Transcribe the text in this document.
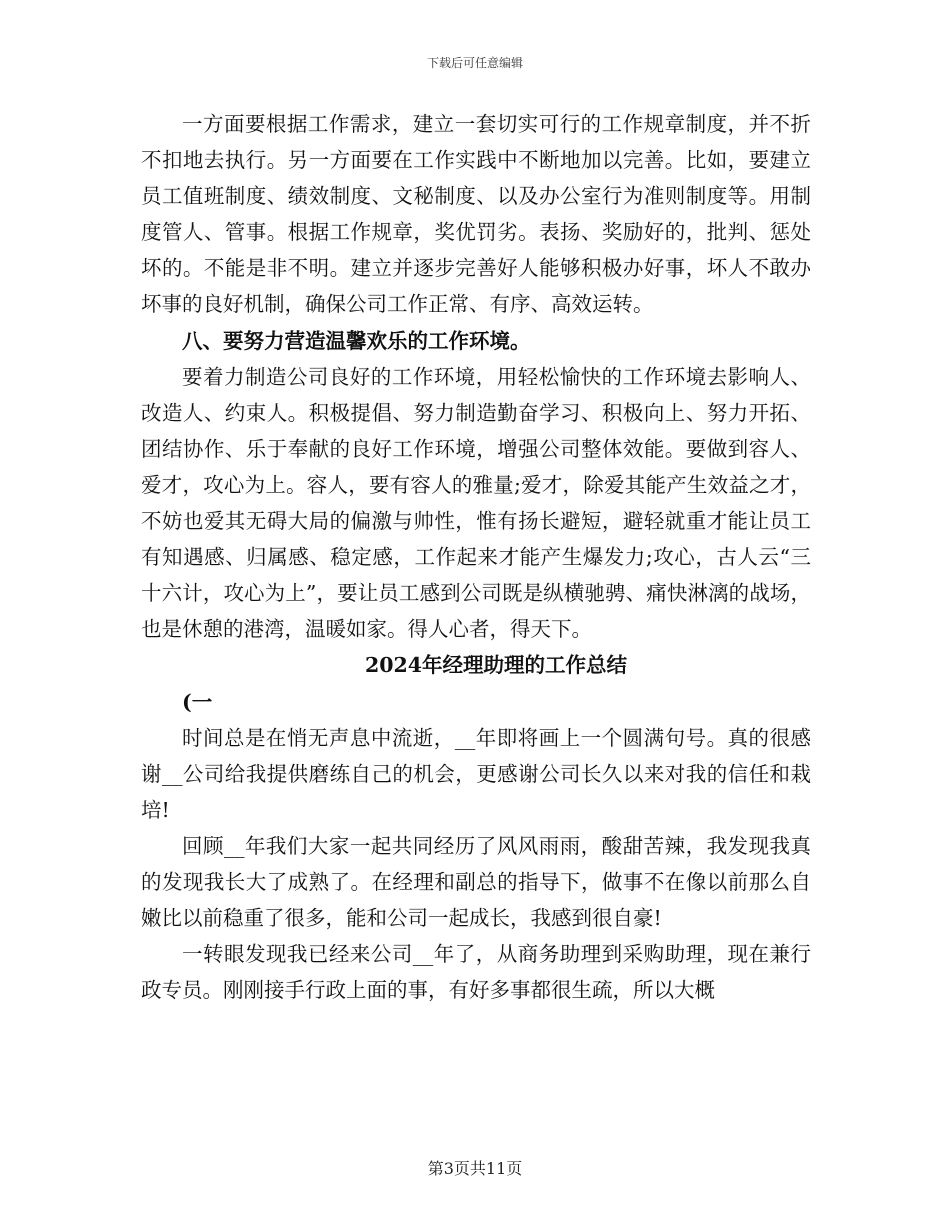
下载后可任意编辑

一方面要根据工作需求，建立一套切实可行的工作规章制度，并不折不扣地去执行。另一方面要在工作实践中不断地加以完善。比如，要建立员工值班制度、绩效制度、文秘制度、以及办公室行为准则制度等。用制度管人、管事。根据工作规章，奖优罚劣。表扬、奖励好的，批判、惩处坏的。不能是非不明。建立并逐步完善好人能够积极办好事，坏人不敢办坏事的良好机制，确保公司工作正常、有序、高效运转。

八、要努力营造温馨欢乐的工作环境。

要着力制造公司良好的工作环境，用轻松愉快的工作环境去影响人、改造人、约束人。积极提倡、努力制造勤奋学习、积极向上、努力开拓、团结协作、乐于奉献的良好工作环境，增强公司整体效能。要做到容人、爱才，攻心为上。容人，要有容人的雅量;爱才，除爱其能产生效益之才，不妨也爱其无碍大局的偏激与帅性，惟有扬长避短，避轻就重才能让员工有知遇感、归属感、稳定感，工作起来才能产生爆发力;攻心，古人云“三十六计，攻心为上”，要让员工感到公司既是纵横驰骋、痛快淋漓的战场，也是休憩的港湾，温暖如家。得人心者，得天下。

2024年经理助理的工作总结

(一

时间总是在悄无声息中流逝，__年即将画上一个圆满句号。真的很感谢__公司给我提供磨练自己的机会，更感谢公司长久以来对我的信任和栽培!

回顾__年我们大家一起共同经历了风风雨雨，酸甜苦辣，我发现我真的发现我长大了成熟了。在经理和副总的指导下，做事不在像以前那么自嫩比以前稳重了很多，能和公司一起成长，我感到很自豪!

一转眼发现我已经来公司__年了，从商务助理到采购助理，现在兼行政专员。刚刚接手行政上面的事，有好多事都很生疏，所以大概

第3页共11页
